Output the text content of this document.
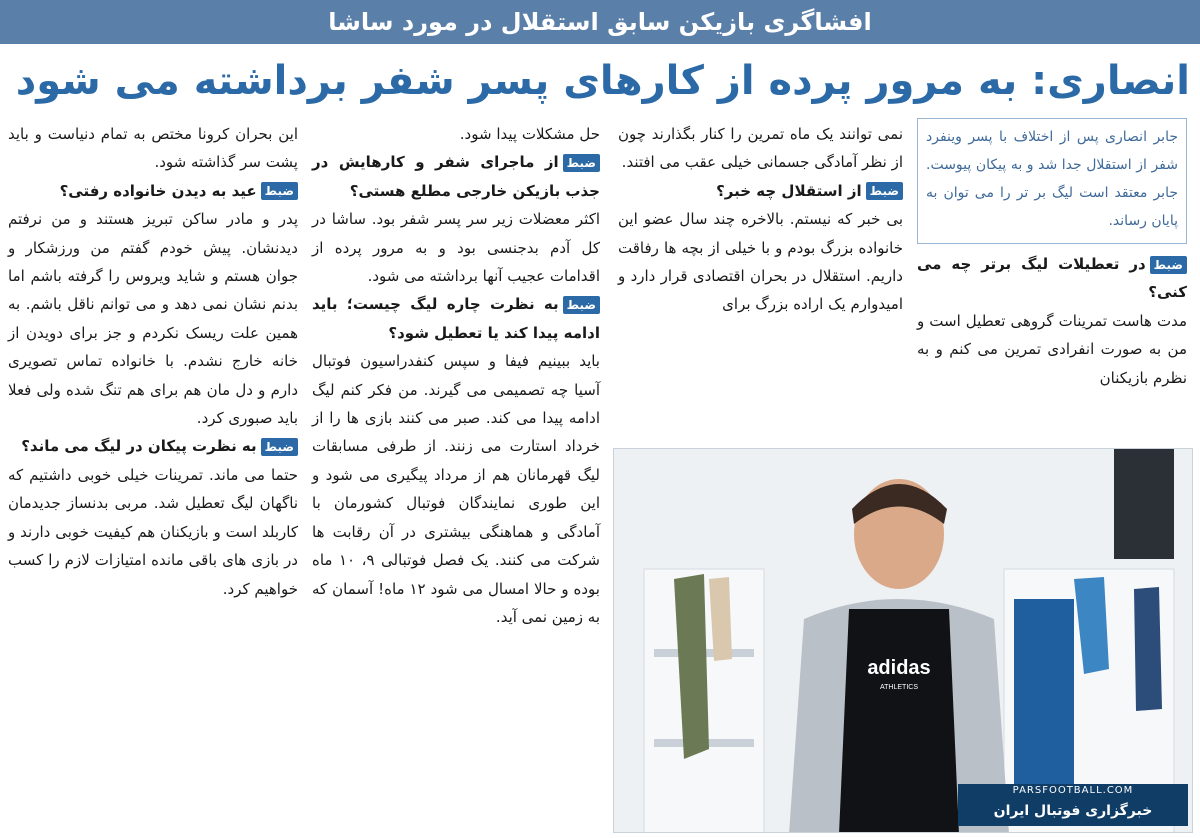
افشاگری بازیکن سابق استقلال در مورد ساشا
انصاری: به مرور پرده از کارهای پسر شفر برداشته می شود
جابر انصاری پس از اختلاف با پسر وینفرد شفر از استقلال جدا شد و به پیکان پیوست. جابر معتقد است لیگ بر تر را می توان به پایان رساند.

ضبطدر تعطیلات لیگ برتر چه می کنی؟

مدت هاست تمرینات گروهی تعطیل است و من به صورت انفرادی تمرین می کنم و به نظرم بازیکنان

نمی توانند یک ماه تمرین را کنار بگذارند چون از نظر آمادگی جسمانی خیلی عقب می افتند.

ضبطاز استقلال چه خبر؟

بی خبر که نیستم. بالاخره چند سال عضو این خانواده بزرگ بودم و با خیلی از بچه ها رفاقت داریم. استقلال در بحران اقتصادی قرار دارد و امیدوارم یک اراده بزرگ برای

حل مشکلات پیدا شود.

ضبطاز ماجرای شفر و کارهایش در جذب بازیکن خارجی مطلع هستی؟

اکثر معضلات زیر سر پسر شفر بود. ساشا در کل آدم بدجنسی بود و به مرور پرده از اقدامات عجیب آنها برداشته می شود.

ضبطبه نظرت چاره لیگ چیست؛ باید ادامه پیدا کند یا تعطیل شود؟

باید ببینیم فیفا و سپس کنفدراسیون فوتبال آسیا چه تصمیمی می گیرند. من فکر کنم لیگ ادامه پیدا می کند. صبر می کنند بازی ها را از خرداد استارت می زنند. از طرفی مسابقات لیگ قهرمانان هم از مرداد پیگیری می شود و این طوری نمایندگان فوتبال کشورمان با آمادگی و هماهنگی بیشتری در آن رقابت ها شرکت می کنند. یک فصل فوتبالی ۹، ۱۰ ماه بوده و حالا امسال می شود ۱۲ ماه! آسمان که به زمین نمی آید.

این بحران کرونا مختص به تمام دنیاست و باید پشت سر گذاشته شود.

ضبطعید به دیدن خانواده رفتی؟

پدر و مادر ساکن تبریز هستند و من نرفتم دیدنشان. پیش خودم گفتم من ورزشکار و جوان هستم و شاید ویروس را گرفته باشم اما بدنم نشان نمی دهد و می توانم ناقل باشم. به همین علت ریسک نکردم و جز برای دویدن از خانه خارج نشدم. با خانواده تماس تصویری دارم و دل مان هم برای هم تنگ شده ولی فعلا باید صبوری کرد.

ضبطبه نظرت پیکان در لیگ می ماند؟

حتما می ماند. تمرینات خیلی خوبی داشتیم که ناگهان لیگ تعطیل شد. مربی بدنساز جدیدمان کاربلد است و بازیکنان هم کیفیت خوبی دارند و در بازی های باقی مانده امتیازات لازم را کسب خواهیم کرد.

adidas
ATHLETICS
PARSFOOTBALL.COM
خبرگزاری فوتبال ایران
